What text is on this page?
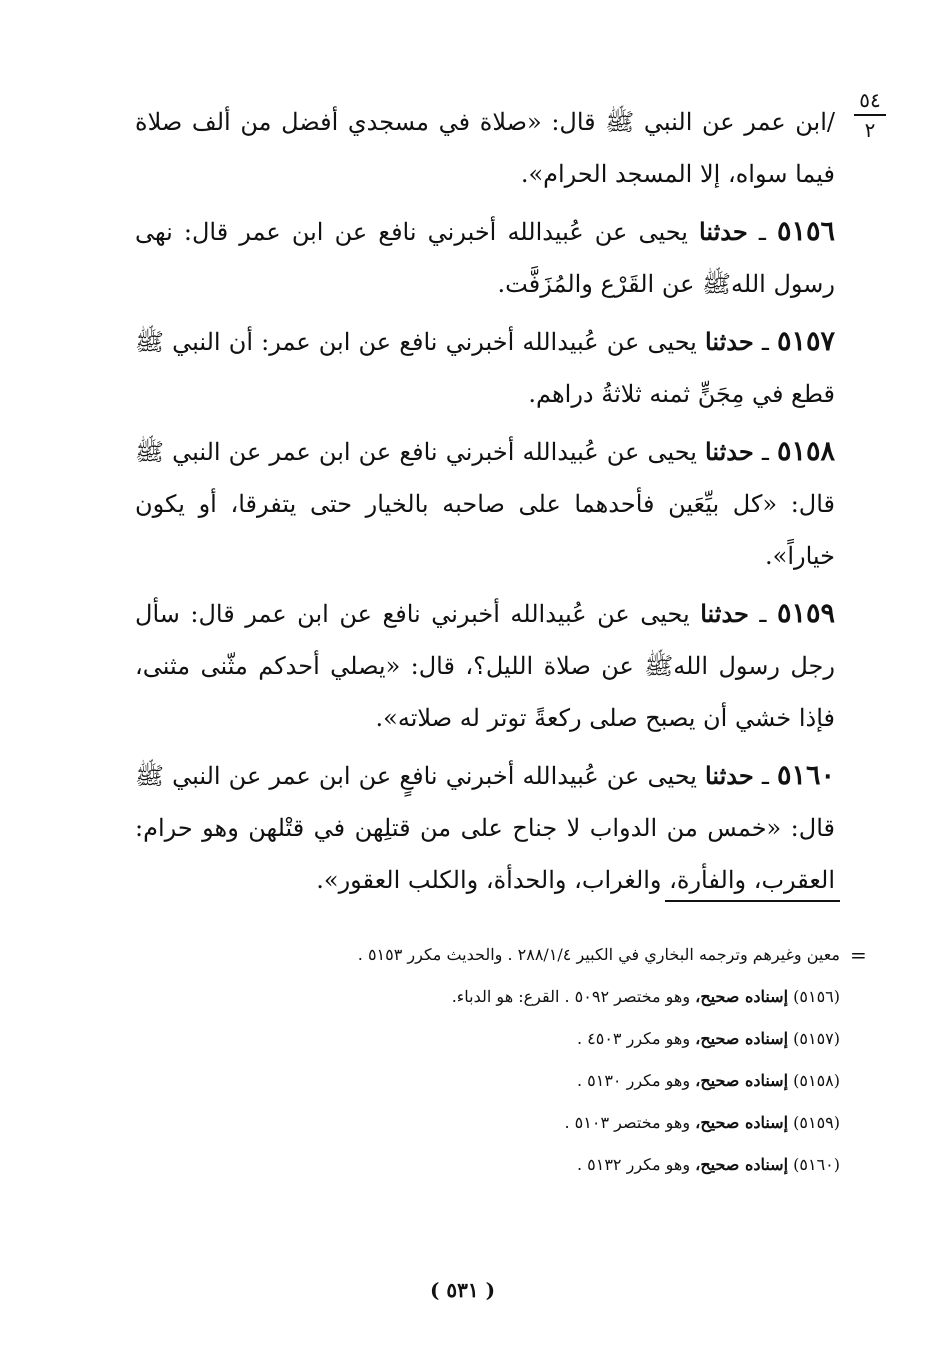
٥٤
٢

/ابن عمر عن النبي ﷺ قال: «صلاة في مسجدي أفضل من ألف صلاة فيما سواه، إلا المسجد الحرام».

٥١٥٦ ـ حدثنا يحيى عن عُبيدالله أخبرني نافع عن ابن عمر قال: نهى رسول اللهﷺ عن القَرْع والمُزَفَّت.

٥١٥٧ ـ حدثنا يحيى عن عُبيدالله أخبرني نافع عن ابن عمر: أن النبي ﷺ قطع في مِجَنٍّ ثمنه ثلاثةُ دراهم.

٥١٥٨ ـ حدثنا يحيى عن عُبيدالله أخبرني نافع عن ابن عمر عن النبي ﷺ قال: «كل بيِّعَين فأحدهما على صاحبه بالخيار حتى يتفرقا، أو يكون خياراً».

٥١٥٩ ـ حدثنا يحيى عن عُبيدالله أخبرني نافع عن ابن عمر قال: سأل رجل رسول اللهﷺ عن صلاة الليل؟، قال: «يصلي أحدكم مثّنى مثنى، فإذا خشي أن يصبح صلى ركعةً توتر له صلاته».

٥١٦٠ ـ حدثنا يحيى عن عُبيدالله أخبرني نافعٍ عن ابن عمر عن النبي ﷺ قال: «خمس من الدواب لا جناح على من قتلِهن في قتْلهن وهو حرام: العقرب، والفأرة، والغراب، والحدأة، والكلب العقور».

=
معين وغيرهم وترجمه البخاري في الكبير ٢٨٨/١/٤ . والحديث مكرر ٥١٥٣ .
(٥١٥٦) إسناده صحيح، وهو مختصر ٥٠٩٢ . القرع: هو الدباء.
(٥١٥٧) إسناده صحيح، وهو مكرر ٤٥٠٣ .
(٥١٥٨) إسناده صحيح، وهو مكرر ٥١٣٠ .
(٥١٥٩) إسناده صحيح، وهو مختصر ٥١٠٣ .
(٥١٦٠) إسناده صحيح، وهو مكرر ٥١٣٢ .
( ٥٣١ )
